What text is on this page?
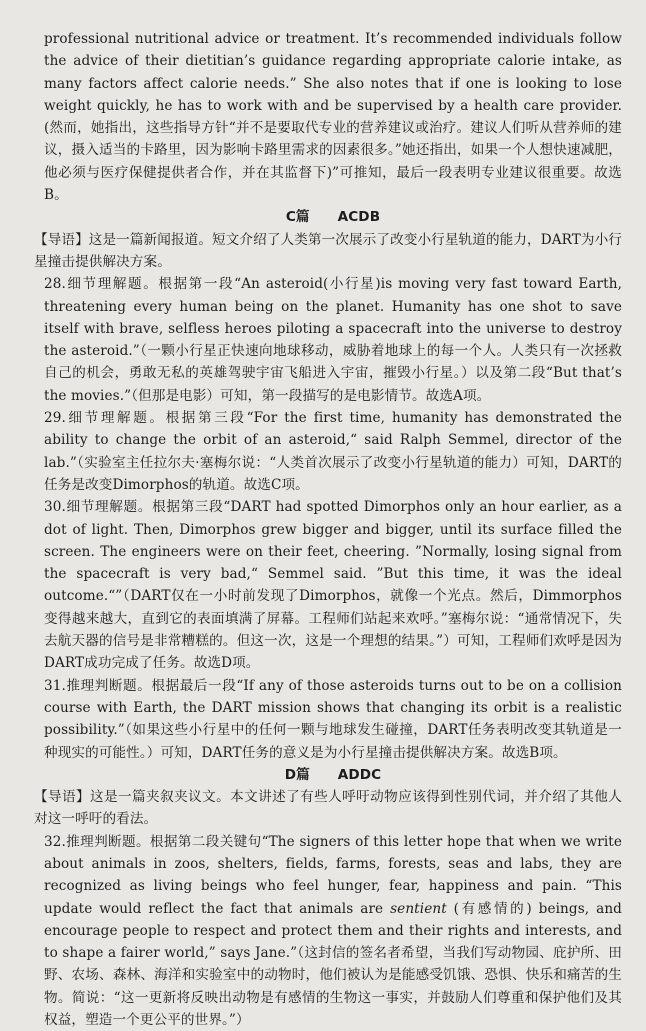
professional nutritional advice or treatment. It’s recommended individuals follow the advice of their dietitian’s guidance regarding appropriate calorie intake, as many factors affect calorie needs.” She also notes that if one is looking to lose weight quickly, he has to work with and be supervised by a health care provider.(然而，她指出，这些指导方针“并不是要取代专业的营养建议或治疗。建议人们听从营养师的建议，摄入适当的卡路里，因为影响卡路里需求的因素很多。”她还指出，如果一个人想快速减肥，他必须与医疗保健提供者合作，并在其监督下)”可推知，最后一段表明专业建议很重要。故选B。

C篇 ACDB

【导语】这是一篇新闻报道。短文介绍了人类第一次展示了改变小行星轨道的能力，DART为小行星撞击提供解决方案。

28.细节理解题。根据第一段“An asteroid(小行星)is moving very fast toward Earth, threatening every human being on the planet. Humanity has one shot to save itself with brave, selfless heroes piloting a spacecraft into the universe to destroy the asteroid.”（一颗小行星正快速向地球移动，威胁着地球上的每一个人。人类只有一次拯救自己的机会，勇敢无私的英雄驾驶宇宙飞船进入宇宙，摧毁小行星。）以及第二段“But that’s the movies.”（但那是电影）可知，第一段描写的是电影情节。故选A项。

29.细节理解题。根据第三段“For the first time, humanity has demonstrated the ability to change the orbit of an asteroid,“ said Ralph Semmel, director of the lab.”（实验室主任拉尔夫·塞梅尔说：“人类首次展示了改变小行星轨道的能力）可知，DART的任务是改变Dimorphos的轨道。故选C项。

30.细节理解题。根据第三段“DART had spotted Dimorphos only an hour earlier, as a dot of light. Then, Dimorphos grew bigger and bigger, until its surface filled the screen. The engineers were on their feet, cheering. ”Normally, losing signal from the spacecraft is very bad,“ Semmel said. ”But this time, it was the ideal outcome.“”（DART仅在一小时前发现了Dimorphos，就像一个光点。然后，Dimmorphos变得越来越大，直到它的表面填满了屏幕。工程师们站起来欢呼。”塞梅尔说：“通常情况下，失去航天器的信号是非常糟糕的。但这一次，这是一个理想的结果。”）可知，工程师们欢呼是因为DART成功完成了任务。故选D项。

31.推理判断题。根据最后一段“If any of those asteroids turns out to be on a collision course with Earth, the DART mission shows that changing its orbit is a realistic possibility.”（如果这些小行星中的任何一颗与地球发生碰撞，DART任务表明改变其轨道是一种现实的可能性。）可知，DART任务的意义是为小行星撞击提供解决方案。故选B项。

D篇 ADDC

【导语】这是一篇夹叙夹议文。本文讲述了有些人呼吁动物应该得到性别代词，并介绍了其他人对这一呼吁的看法。

32.推理判断题。根据第二段关键句“The signers of this letter hope that when we write about animals in zoos, shelters, fields, farms, forests, seas and labs, they are recognized as living beings who feel hunger, fear, happiness and pain. “This update would reflect the fact that animals are sentient (有感情的) beings, and encourage people to respect and protect them and their rights and interests, and to shape a fairer world,” says Jane.”（这封信的签名者希望，当我们写动物园、庇护所、田野、农场、森林、海洋和实验室中的动物时，他们被认为是能感受饥饿、恐惧、快乐和痛苦的生物。简说：“这一更新将反映出动物是有感情的生物这一事实，并鼓励人们尊重和保护他们及其权益，塑造一个更公平的世界。”）
